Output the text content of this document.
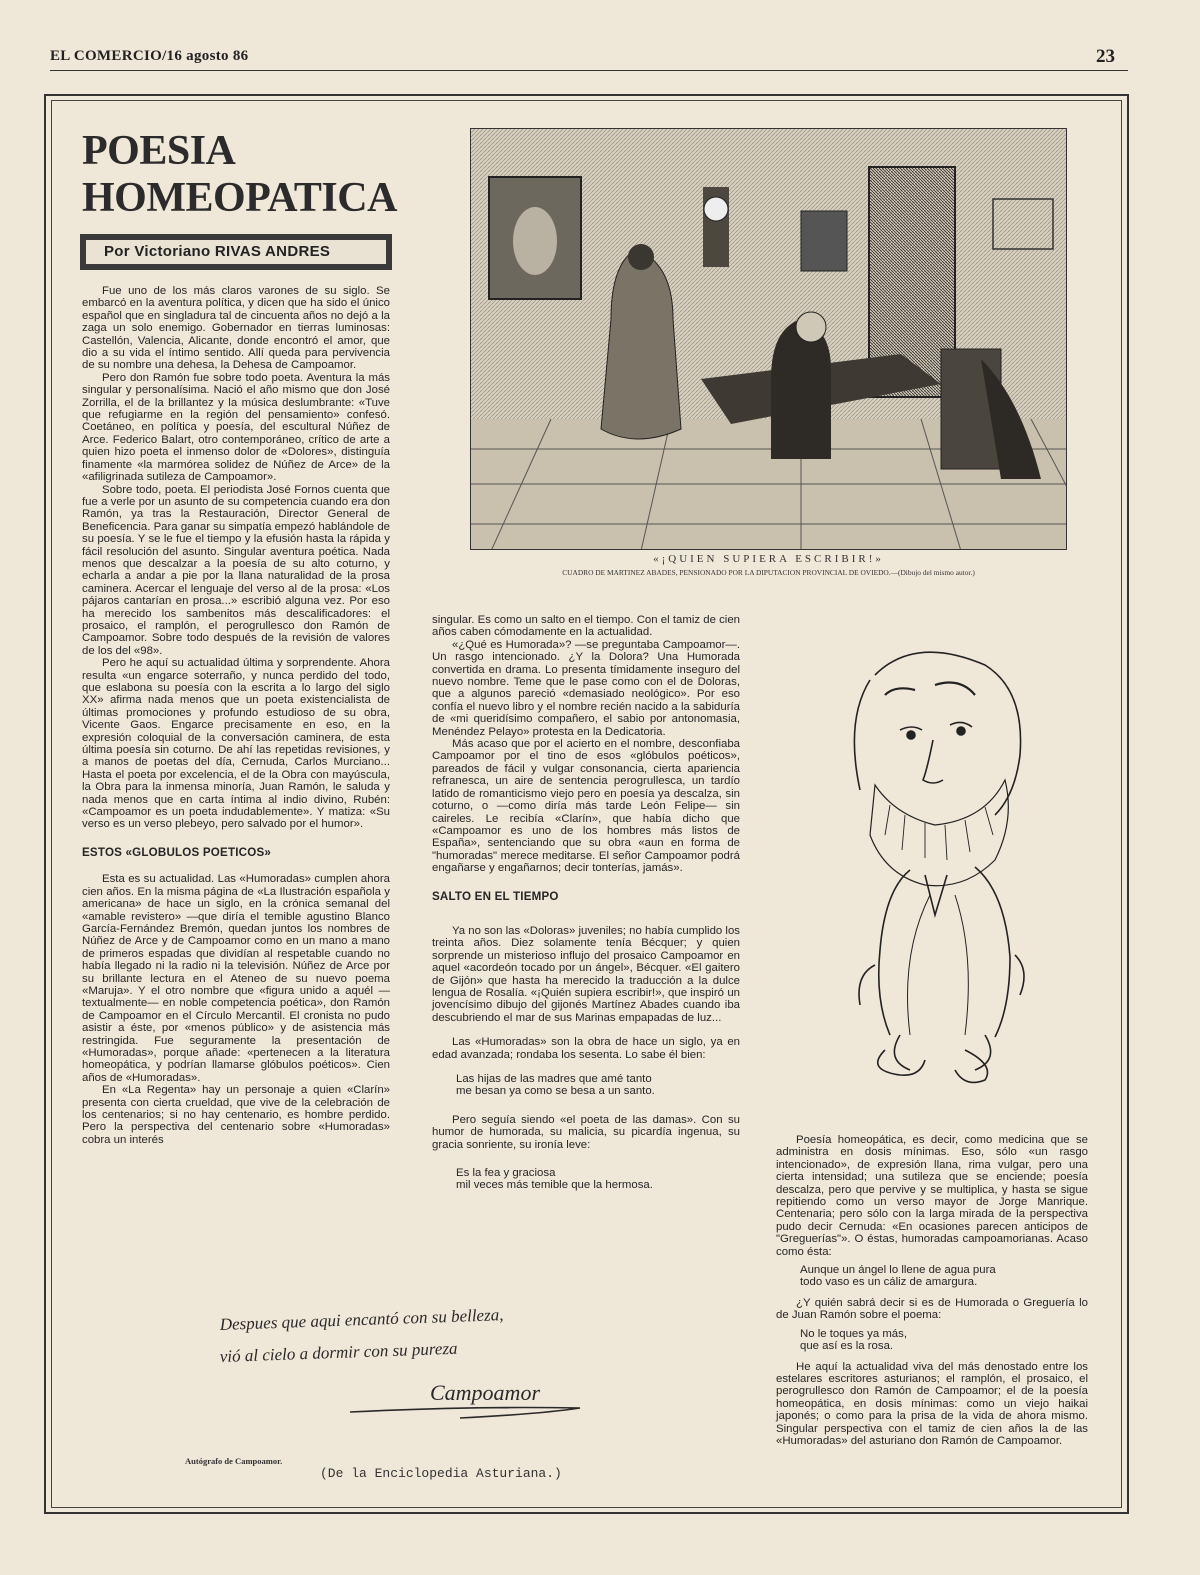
EL COMERCIO/16 agosto 86	23
POESIA
HOMEOPATICA
Por Victoriano RIVAS ANDRES

Fue uno de los más claros varones de su siglo. Se embarcó en la aventura política, y dicen que ha sido el único español que en singladura tal de cincuenta años no dejó a la zaga un solo enemigo. Gobernador en tierras luminosas: Castellón, Valencia, Alicante, donde encontró el amor, que dio a su vida el íntimo sentido. Allí queda para pervivencia de su nombre una dehesa, la Dehesa de Campoamor.

Pero don Ramón fue sobre todo poeta. Aventura la más singular y personalísima. Nació el año mismo que don José Zorrilla, el de la brillantez y la música deslumbrante: «Tuve que refugiarme en la región del pensamiento» confesó. Coetáneo, en política y poesía, del escultural Núñez de Arce. Federico Balart, otro contemporáneo, crítico de arte a quien hizo poeta el inmenso dolor de «Dolores», distinguía finamente «la marmórea solidez de Núñez de Arce» de la «afiligrinada sutileza de Campoamor».

Sobre todo, poeta. El periodista José Fornos cuenta que fue a verle por un asunto de su competencia cuando era don Ramón, ya tras la Restauración, Director General de Beneficencia. Para ganar su simpatía empezó hablándole de su poesía. Y se le fue el tiempo y la efusión hasta la rápida y fácil resolución del asunto. Singular aventura poética. Nada menos que descalzar a la poesía de su alto coturno, y echarla a andar a pie por la llana naturalidad de la prosa caminera. Acercar el lenguaje del verso al de la prosa: «Los pájaros cantarían en prosa...» escribió alguna vez. Por eso ha merecido los sambenitos más descalificadores: el prosaico, el ramplón, el perogrullesco don Ramón de Campoamor. Sobre todo después de la revisión de valores de los del «98».

Pero he aquí su actualidad última y sorprendente. Ahora resulta «un engarce soterraño, y nunca perdido del todo, que eslabona su poesía con la escrita a lo largo del siglo XX» afirma nada menos que un poeta existencialista de últimas promociones y profundo estudioso de su obra, Vicente Gaos. Engarce precisamente en eso, en la expresión coloquial de la conversación caminera, de esta última poesía sin coturno. De ahí las repetidas revisiones, y a manos de poetas del día, Cernuda, Carlos Murciano... Hasta el poeta por excelencia, el de la Obra con mayúscula, la Obra para la inmensa minoría, Juan Ramón, le saluda y nada menos que en carta íntima al indio divino, Rubén: «Campoamor es un poeta indudablemente». Y matiza: «Su verso es un verso plebeyo, pero salvado por el humor».

ESTOS «GLOBULOS POETICOS»

Esta es su actualidad. Las «Humoradas» cumplen ahora cien años. En la misma página de «La Ilustración española y americana» de hace un siglo, en la crónica semanal del «amable revistero» —que diría el temible agustino Blanco García-Fernández Bremón, quedan juntos los nombres de Núñez de Arce y de Campoamor como en un mano a mano de primeros espadas que dividían al respetable cuando no había llegado ni la radio ni la televisión. Núñez de Arce por su brillante lectura en el Ateneo de su nuevo poema «Maruja». Y el otro nombre que «figura unido a aquél —textualmente— en noble competencia poética», don Ramón de Campoamor en el Círculo Mercantil. El cronista no pudo asistir a éste, por «menos público» y de asistencia más restringida. Fue seguramente la presentación de «Humoradas», porque añade: «pertenecen a la literatura homeopática, y podrían llamarse glóbulos poéticos». Cien años de «Humoradas».

En «La Regenta» hay un personaje a quien «Clarín» presenta con cierta crueldad, que vive de la celebración de los centenarios; si no hay centenario, es hombre perdido. Pero la perspectiva del centenario sobre «Humoradas» cobra un interés

«¡QUIEN SUPIERA ESCRIBIR!»
CUADRO DE MARTINEZ ABADES, PENSIONADO POR LA DIPUTACION PROVINCIAL DE OVIEDO.—(Dibujo del mismo autor.)

singular. Es como un salto en el tiempo. Con el tamiz de cien años caben cómodamente en la actualidad.

«¿Qué es Humorada»? —se preguntaba Campoamor—. Un rasgo intencionado. ¿Y la Dolora? Una Humorada convertida en drama. Lo presenta tímidamente inseguro del nuevo nombre. Teme que le pase como con el de Doloras, que a algunos pareció «demasiado neológico». Por eso confía el nuevo libro y el nombre recién nacido a la sabiduría de «mi queridísimo compañero, el sabio por antonomasia, Menéndez Pelayo» protesta en la Dedicatoria.

Más acaso que por el acierto en el nombre, desconfiaba Campoamor por el tino de esos «glóbulos poéticos», pareados de fácil y vulgar consonancia, cierta apariencia refranesca, un aire de sentencia perogrullesca, un tardío latido de romanticismo viejo pero en poesía ya descalza, sin coturno, o —como diría más tarde León Felipe— sin caireles. Le recibía «Clarín», que había dicho que «Campoamor es uno de los hombres más listos de España», sentenciando que su obra «aun en forma de "humoradas" merece meditarse. El señor Campoamor podrá engañarse y engañarnos; decir tonterías, jamás».

SALTO EN EL TIEMPO

Ya no son las «Doloras» juveniles; no había cumplido los treinta años. Diez solamente tenía Bécquer; y quien sorprende un misterioso influjo del prosaico Campoamor en aquel «acordeón tocado por un ángel», Bécquer. «El gaitero de Gijón» que hasta ha merecido la traducción a la dulce lengua de Rosalía. «¡Quién supiera escribir!», que inspiró un jovencísimo dibujo del gijonés Martínez Abades cuando iba descubriendo el mar de sus Marinas empapadas de luz...

Las «Humoradas» son la obra de hace un siglo, ya en edad avanzada; rondaba los sesenta. Lo sabe él bien:

Las hijas de las madres que amé tanto

me besan ya como se besa a un santo.

Pero seguía siendo «el poeta de las damas». Con su humor de humorada, su malicia, su picardía ingenua, su gracia sonriente, su ironía leve:

Es la fea y graciosa

mil veces más temible que la hermosa.

Poesía homeopática, es decir, como medicina que se administra en dosis mínimas. Eso, sólo «un rasgo intencionado», de expresión llana, rima vulgar, pero una cierta intensidad; una sutileza que se enciende; poesía descalza, pero que pervive y se multiplica, y hasta se sigue repitiendo como un verso mayor de Jorge Manrique. Centenaria; pero sólo con la larga mirada de la perspectiva pudo decir Cernuda: «En ocasiones parecen anticipos de "Greguerías"». O éstas, humoradas campoamorianas. Acaso como ésta:

Aunque un ángel lo llene de agua pura

todo vaso es un cáliz de amargura.

¿Y quién sabrá decir si es de Humorada o Greguería lo de Juan Ramón sobre el poema:

No le toques ya más,

que así es la rosa.

He aquí la actualidad viva del más denostado entre los estelares escritores asturianos; el ramplón, el prosaico, el perogrullesco don Ramón de Campoamor; el de la poesía homeopática, en dosis mínimas: como un viejo haikai japonés; o como para la prisa de la vida de ahora mismo. Singular perspectiva con el tamiz de cien años la de las «Humoradas» del asturiano don Ramón de Campoamor.

Despues que aqui encantó con su belleza,
vió al cielo a dormir con su pureza
Campoamor
Autógrafo de Campoamor.
(De la Enciclopedia Asturiana.)
